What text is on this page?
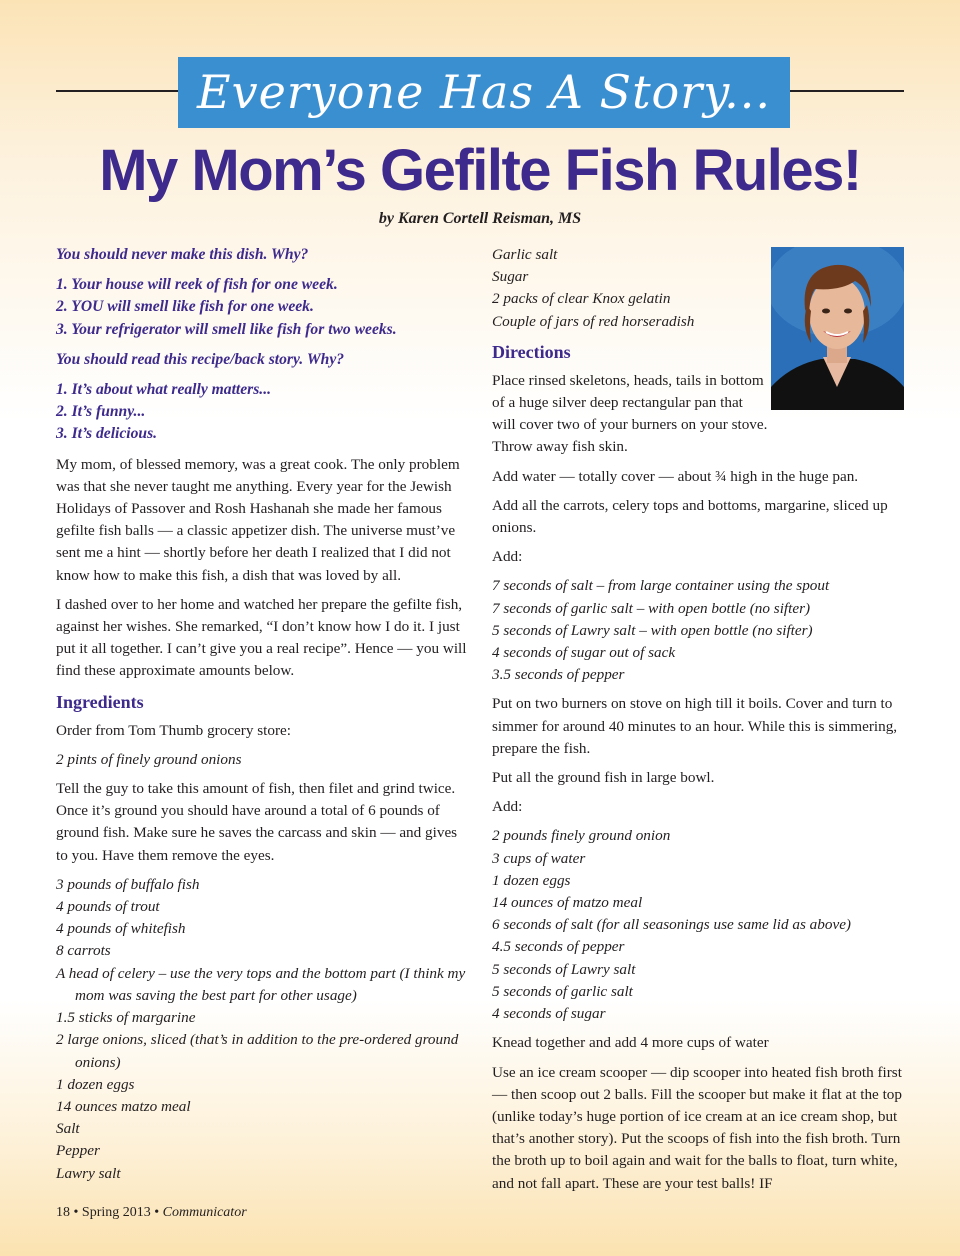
Everyone Has A Story...
My Mom’s Gefilte Fish Rules!
by Karen Cortell Reisman, MS

You should never make this dish. Why?

1. Your house will reek of fish for one week.
2. YOU will smell like fish for one week.
3. Your refrigerator will smell like fish for two weeks.

You should read this recipe/back story. Why?

1. It’s about what really matters...
2. It’s funny...
3. It’s delicious.

My mom, of blessed memory, was a great cook. The only problem was that she never taught me anything. Every year for the Jewish Holidays of Passover and Rosh Hashanah she made her famous gefilte fish balls — a classic appetizer dish. The universe must’ve sent me a hint — shortly before her death I realized that I did not know how to make this fish, a dish that was loved by all.

I dashed over to her home and watched her prepare the gefilte fish, against her wishes. She remarked, “I don’t know how I do it. I just put it all together. I can’t give you a real recipe”. Hence — you will find these approximate amounts below.

Ingredients

Order from Tom Thumb grocery store:

2 pints of finely ground onions

Tell the guy to take this amount of fish, then filet and grind twice. Once it’s ground you should have around a total of 6 pounds of ground fish. Make sure he saves the carcass and skin — and gives to you. Have them remove the eyes.

3 pounds of buffalo fish
4 pounds of trout
4 pounds of whitefish
8 carrots
A head of celery – use the very tops and the bottom part (I think my mom was saving the best part for other usage)
1.5 sticks of margarine
2 large onions, sliced (that’s in addition to the pre-ordered ground onions)
1 dozen eggs
14 ounces matzo meal
Salt
Pepper
Lawry salt
Garlic salt
Sugar
2 packs of clear Knox gelatin
Couple of jars of red horseradish
Directions

Place rinsed skeletons, heads, tails in bottom of a huge silver deep rectangular pan that will cover two of your burners on your stove. Throw away fish skin.

Add water — totally cover — about ¾ high in the huge pan.

Add all the carrots, celery tops and bottoms, margarine, sliced up onions.

Add:

7 seconds of salt – from large container using the spout
7 seconds of garlic salt – with open bottle (no sifter)
5 seconds of Lawry salt – with open bottle (no sifter)
4 seconds of sugar out of sack
3.5 seconds of pepper

Put on two burners on stove on high till it boils. Cover and turn to simmer for around 40 minutes to an hour. While this is simmering, prepare the fish.

Put all the ground fish in large bowl.

Add:

2 pounds finely ground onion
3 cups of water
1 dozen eggs
14 ounces of matzo meal
6 seconds of salt (for all seasonings use same lid as above)
4.5 seconds of pepper
5 seconds of Lawry salt
5 seconds of garlic salt
4 seconds of sugar

Knead together and add 4 more cups of water

Use an ice cream scooper — dip scooper into heated fish broth first — then scoop out 2 balls. Fill the scooper but make it flat at the top (unlike today’s huge portion of ice cream at an ice cream shop, but that’s another story). Put the scoops of fish into the fish broth. Turn the broth up to boil again and wait for the balls to float, turn white, and not fall apart. These are your test balls! IF

18 • Spring 2013 • Communicator
